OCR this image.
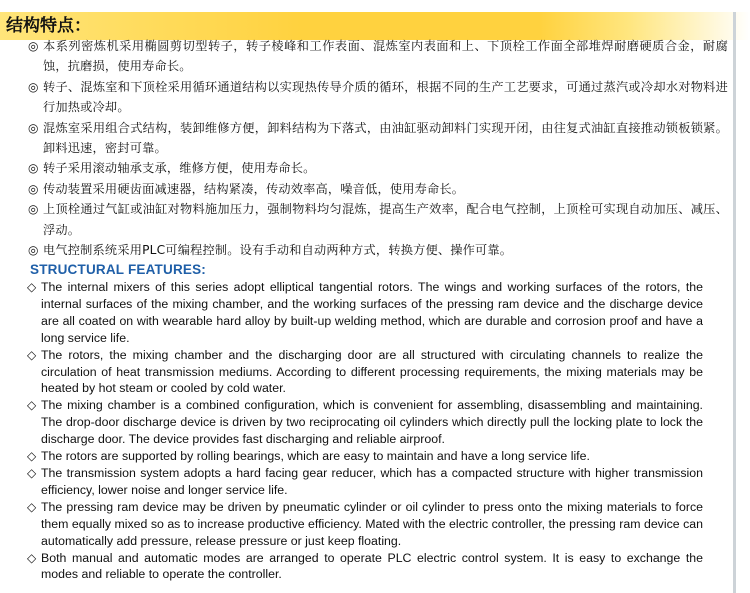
结构特点：
◎ 本系列密炼机采用椭圆剪切型转子，转子棱峰和工作表面、混炼室内表面和上、下顶栓工作面全部堆焊耐磨硬质合金，耐腐蚀，抗磨损，使用寿命长。
◎ 转子、混炼室和下顶栓采用循环通道结构以实现热传导介质的循环，根据不同的生产工艺要求，可通过蒸汽或冷却水对物料进行加热或冷却。
◎ 混炼室采用组合式结构，装卸维修方便，卸料结构为下落式，由油缸驱动卸料门实现开闭，由往复式油缸直接推动锁板锁紧。卸料迅速，密封可靠。
◎ 转子采用滚动轴承支承，维修方便，使用寿命长。
◎ 传动装置采用硬齿面减速器，结构紧凑，传动效率高，噪音低，使用寿命长。
◎ 上顶栓通过气缸或油缸对物料施加压力，强制物料均匀混炼，提高生产效率，配合电气控制，上顶栓可实现自动加压、减压、浮动。
◎ 电气控制系统采用PLC可编程控制。设有手动和自动两种方式，转换方便、操作可靠。
STRUCTURAL FEATURES:
◇ The internal mixers of this series adopt elliptical tangential rotors. The wings and working surfaces of the rotors, the internal surfaces of the mixing chamber, and the working surfaces of the pressing ram device and the discharge device are all coated on with wearable hard alloy by built-up welding method, which are durable and corrosion proof and have a long service life.
◇ The rotors, the mixing chamber and the discharging door are all structured with circulating channels to realize the circulation of heat transmission mediums. According to different processing requirements, the mixing materials may be heated by hot steam or cooled by cold water.
◇ The mixing chamber is a combined configuration, which is convenient for assembling, disassembling and maintaining. The drop-door discharge device is driven by two reciprocating oil cylinders which directly pull the locking plate to lock the discharge door. The device provides fast discharging and reliable airproof.
◇ The rotors are supported by rolling bearings, which are easy to maintain and have a long service life.
◇ The transmission system adopts a hard facing gear reducer, which has a compacted structure with higher transmission efficiency, lower noise and longer service life.
◇ The pressing ram device may be driven by pneumatic cylinder or oil cylinder to press onto the mixing materials to force them equally mixed so as to increase productive efficiency. Mated with the electric controller, the pressing ram device can automatically add pressure, release pressure or just keep floating.
◇ Both manual and automatic modes are arranged to operate PLC electric control system. It is easy to exchange the modes and reliable to operate the controller.
